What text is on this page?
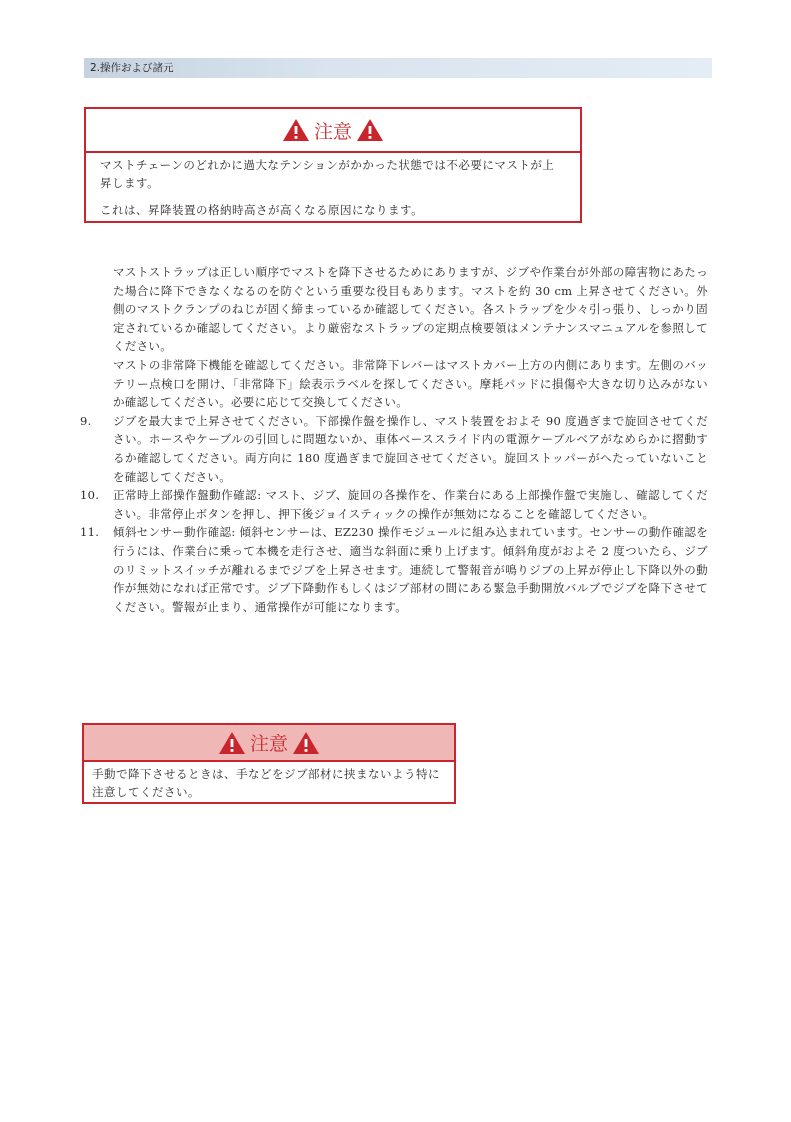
2.操作および諸元
注意

マストチェーンのどれかに過大なテンションがかかった状態では不必要にマストが上昇します。

これは、昇降装置の格納時高さが高くなる原因になります。

マストストラップは正しい順序でマストを降下させるためにありますが、ジブや作業台が外部の障害物にあたった場合に降下できなくなるのを防ぐという重要な役目もあります。マストを約 30 cm 上昇させてください。外側のマストクランプのねじが固く締まっているか確認してください。各ストラップを少々引っ張り、しっかり固定されているか確認してください。より厳密なストラップの定期点検要領はメンテナンスマニュアルを参照してください。

マストの非常降下機能を確認してください。非常降下レバーはマストカバー上方の内側にあります。左側のバッテリー点検口を開け、「非常降下」絵表示ラベルを探してください。摩耗パッドに損傷や大きな切り込みがないか確認してください。必要に応じて交換してください。

9.	ジブを最大まで上昇させてください。下部操作盤を操作し、マスト装置をおよそ 90 度過ぎまで旋回させてください。ホースやケーブルの引回しに問題ないか、車体ベーススライド内の電源ケーブルベアがなめらかに摺動するか確認してください。両方向に 180 度過ぎまで旋回させてください。旋回ストッパーがへたっていないことを確認してください。
10.	正常時上部操作盤動作確認: マスト、ジブ、旋回の各操作を、作業台にある上部操作盤で実施し、確認してください。非常停止ボタンを押し、押下後ジョイスティックの操作が無効になることを確認してください。
11.	傾斜センサー動作確認: 傾斜センサーは、EZ230 操作モジュールに組み込まれています。センサーの動作確認を行うには、作業台に乗って本機を走行させ、適当な斜面に乗り上げます。傾斜角度がおよそ 2 度ついたら、ジブのリミットスイッチが離れるまでジブを上昇させます。連続して警報音が鳴りジブの上昇が停止し下降以外の動作が無効になれば正常です。ジブ下降動作もしくはジブ部材の間にある緊急手動開放バルブでジブを降下させてください。警報が止まり、通常操作が可能になります。
注意

手動で降下させるときは、手などをジブ部材に挟まないよう特に注意してください。
